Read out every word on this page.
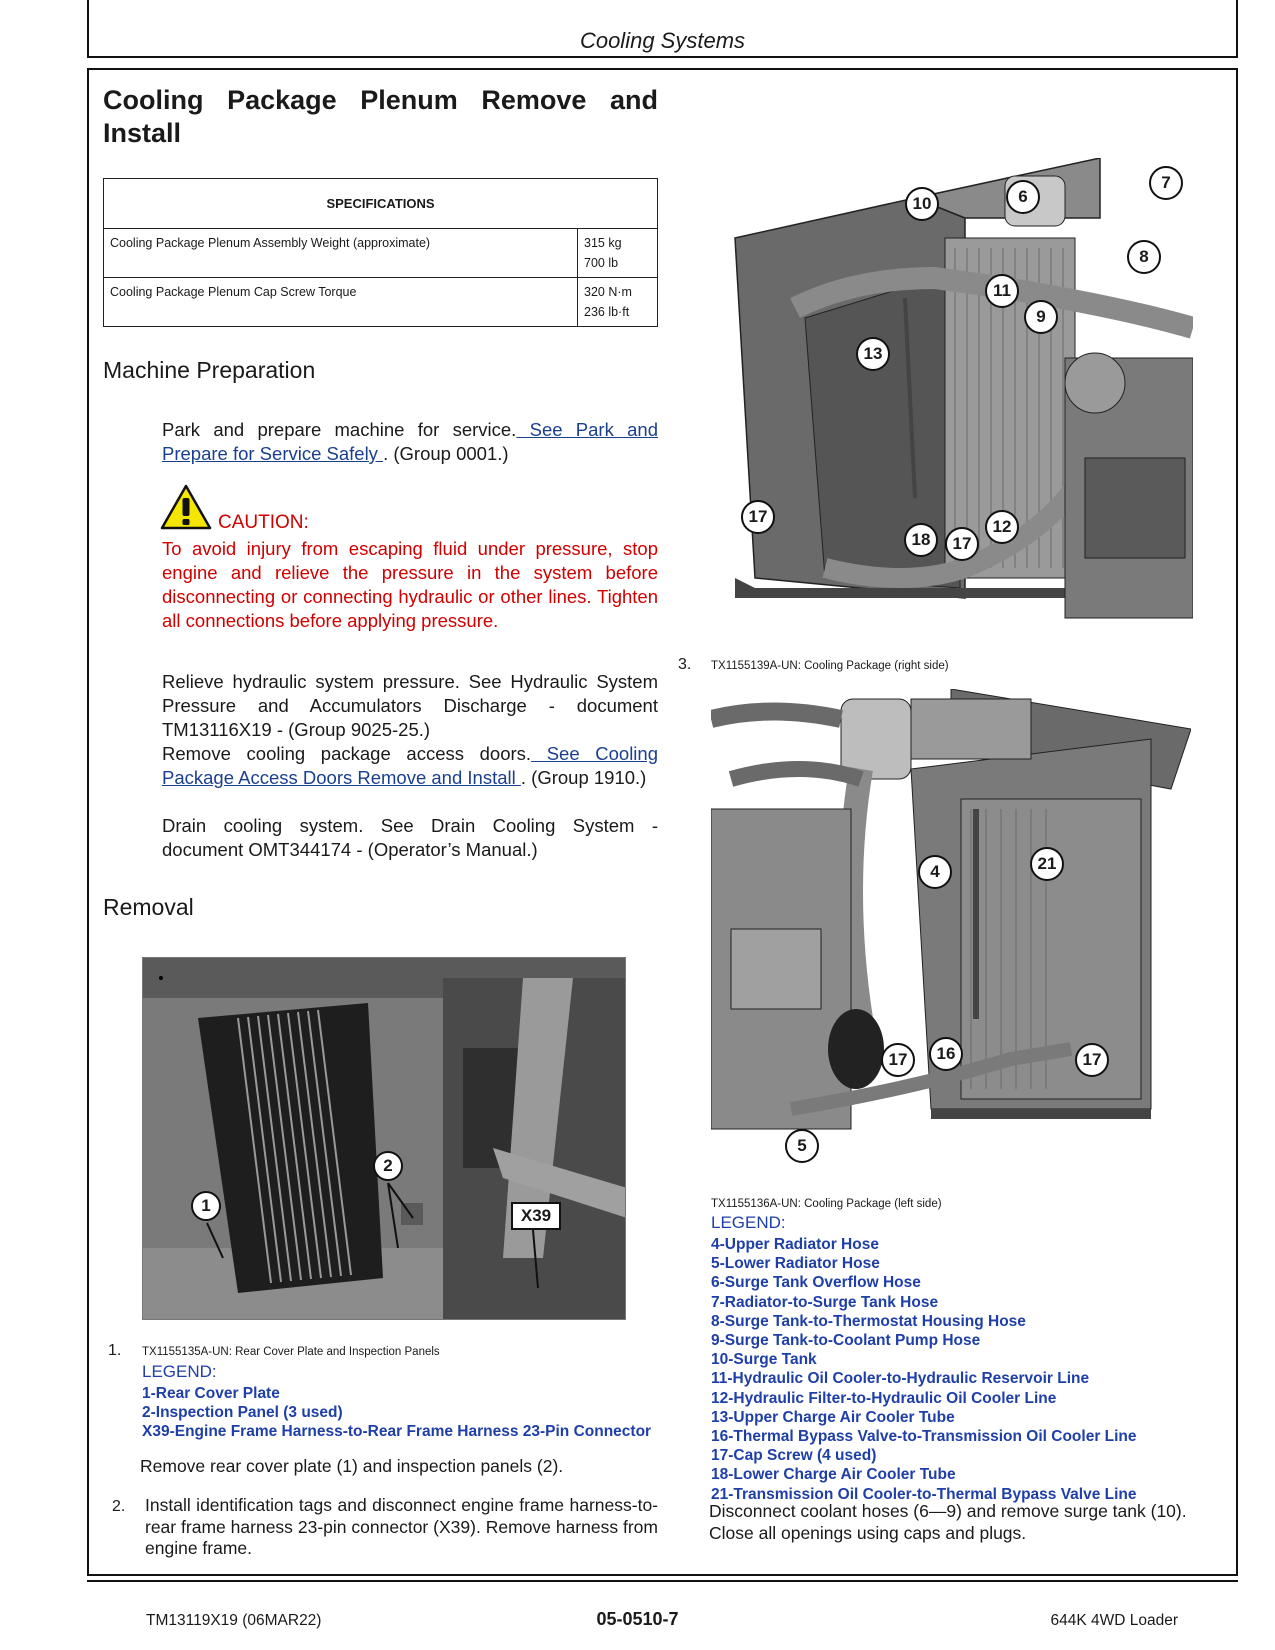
Cooling Systems
Cooling Package Plenum Remove and Install
SPECIFICATIONS	
Cooling Package Plenum Assembly Weight (approximate)	315 kg
700 lb

Cooling Package Plenum Cap Screw Torque	320 N·m
236 lb·ft
Machine Preparation
Park and prepare machine for service. See Park and Prepare for Service Safely . (Group 0001.)
CAUTION:
To avoid injury from escaping fluid under pressure, stop engine and relieve the pressure in the system before disconnecting or connecting hydraulic or other lines. Tighten all connections before applying pressure.
Relieve hydraulic system pressure. See Hydraulic System Pressure and Accumulators Discharge - document TM13116X19 - (Group 9025-25.)
Remove cooling package access doors. See Cooling Package Access Doors Remove and Install . (Group 1910.)
Drain cooling system. See Drain Cooling System - document OMT344174 - (Operator’s Manual.)
Removal
1
2
X39
1. TX1155135A-UN: Rear Cover Plate and Inspection Panels
LEGEND:
1-Rear Cover Plate
2-Inspection Panel (3 used)
X39-Engine Frame Harness-to-Rear Frame Harness 23-Pin Connector
Remove rear cover plate (1) and inspection panels (2).
2. Install identification tags and disconnect engine frame harness-to-rear frame harness 23-pin connector (X39). Remove harness from engine frame.
10	6
7
8
11
9
13
17
18	17
12
3. TX1155139A-UN: Cooling Package (right side)
4	21
17	16	17
5
TX1155136A-UN: Cooling Package (left side)
LEGEND:
4-Upper Radiator Hose
5-Lower Radiator Hose
6-Surge Tank Overflow Hose
7-Radiator-to-Surge Tank Hose
8-Surge Tank-to-Thermostat Housing Hose
9-Surge Tank-to-Coolant Pump Hose
10-Surge Tank
11-Hydraulic Oil Cooler-to-Hydraulic Reservoir Line
12-Hydraulic Filter-to-Hydraulic Oil Cooler Line
13-Upper Charge Air Cooler Tube
16-Thermal Bypass Valve-to-Transmission Oil Cooler Line
17-Cap Screw (4 used)
18-Lower Charge Air Cooler Tube
21-Transmission Oil Cooler-to-Thermal Bypass Valve Line
Disconnect coolant hoses (6—9) and remove surge tank (10). Close all openings using caps and plugs.
TM13119X19 (06MAR22)	05-0510-7	644K 4WD Loader
